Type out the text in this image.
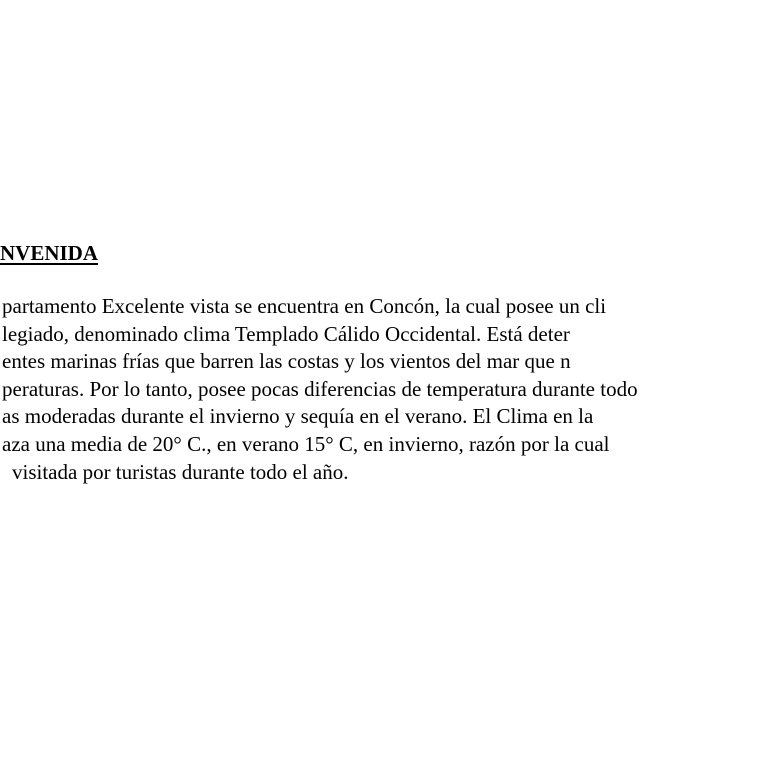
NVENIDA
partamento Excelente vista se encuentra en Concón, la cual posee un cli
legiado, denominado clima Templado Cálido Occidental. Está deter
entes marinas frías que barren las costas y los vientos del mar que n
peraturas. Por lo tanto, posee pocas diferencias de temperatura durante todo
as moderadas durante el invierno y sequía en el verano. El Clima en la
aza una media de 20° C., en verano 15° C, en invierno, razón por la cual
visitada por turistas durante todo el año.
